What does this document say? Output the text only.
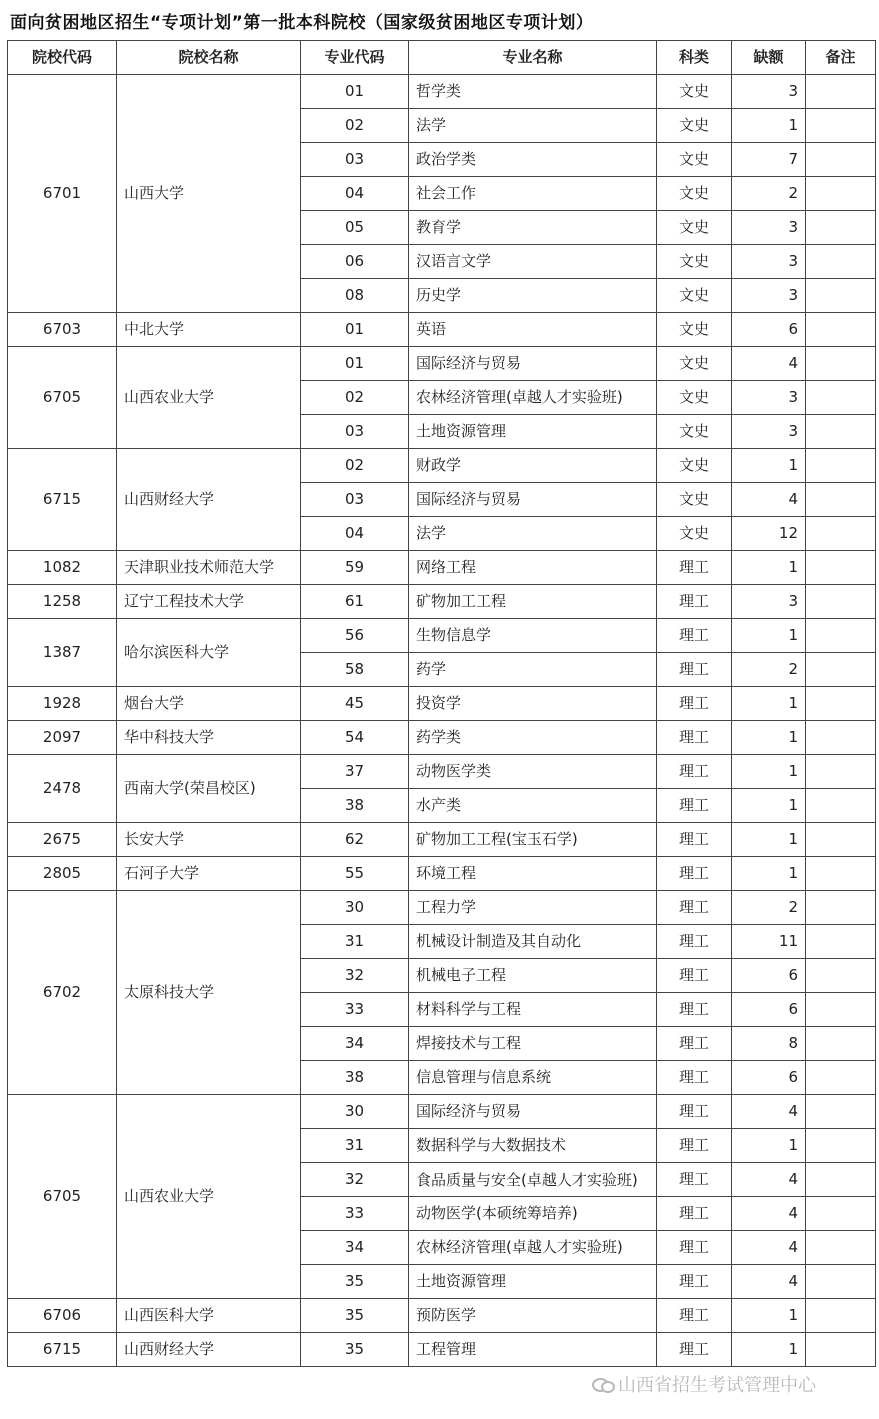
面向贫困地区招生“专项计划”第一批本科院校（国家级贫困地区专项计划）
院校代码	院校名称	专业代码	专业名称	科类	缺额	备注
6701	山西大学	01	哲学类	文史	3	
		02	法学	文史	1	
		03	政治学类	文史	7	
		04	社会工作	文史	2	
		05	教育学	文史	3	
		06	汉语言文学	文史	3	
		08	历史学	文史	3	
6703	中北大学	01	英语	文史	6	
6705	山西农业大学	01	国际经济与贸易	文史	4	
		02	农林经济管理(卓越人才实验班)	文史	3	
		03	土地资源管理	文史	3	
6715	山西财经大学	02	财政学	文史	1	
		03	国际经济与贸易	文史	4	
		04	法学	文史	12	
1082	天津职业技术师范大学	59	网络工程	理工	1	
1258	辽宁工程技术大学	61	矿物加工工程	理工	3	
1387	哈尔滨医科大学	56	生物信息学	理工	1	
		58	药学	理工	2	
1928	烟台大学	45	投资学	理工	1	
2097	华中科技大学	54	药学类	理工	1	
2478	西南大学(荣昌校区)	37	动物医学类	理工	1	
		38	水产类	理工	1	
2675	长安大学	62	矿物加工工程(宝玉石学)	理工	1	
2805	石河子大学	55	环境工程	理工	1	
6702	太原科技大学	30	工程力学	理工	2	
		31	机械设计制造及其自动化	理工	11	
		32	机械电子工程	理工	6	
		33	材料科学与工程	理工	6	
		34	焊接技术与工程	理工	8	
		38	信息管理与信息系统	理工	6	
6705	山西农业大学	30	国际经济与贸易	理工	4	
		31	数据科学与大数据技术	理工	1	
		32	食品质量与安全(卓越人才实验班)	理工	4	
		33	动物医学(本硕统筹培养)	理工	4	
		34	农林经济管理(卓越人才实验班)	理工	4	
		35	土地资源管理	理工	4	
6706	山西医科大学	35	预防医学	理工	1	
6715	山西财经大学	35	工程管理	理工	1	
山西省招生考试管理中心
